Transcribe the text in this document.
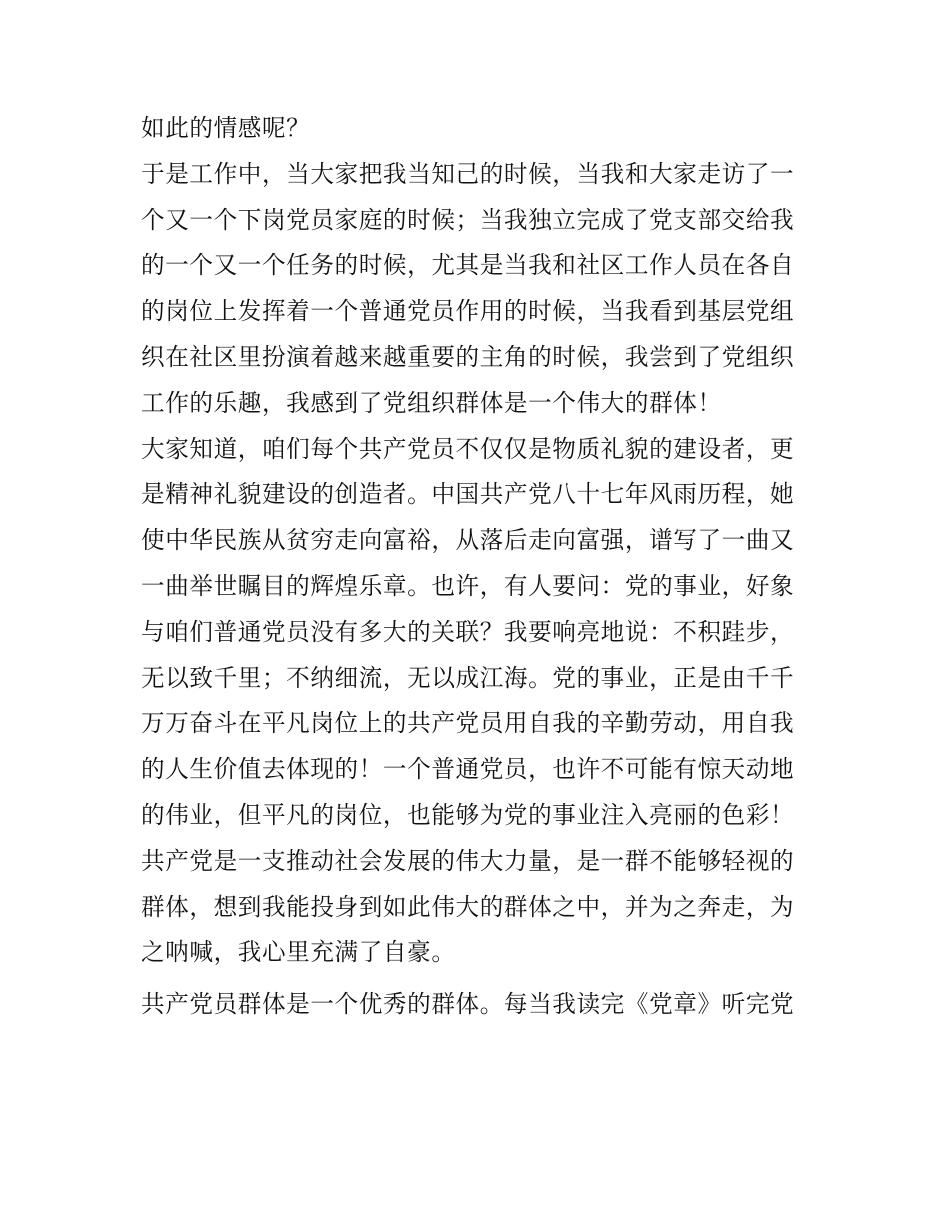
如此的情感呢？
于是工作中，当大家把我当知己的时候，当我和大家走访了一
个又一个下岗党员家庭的时候；当我独立完成了党支部交给我
的一个又一个任务的时候，尤其是当我和社区工作人员在各自
的岗位上发挥着一个普通党员作用的时候，当我看到基层党组
织在社区里扮演着越来越重要的主角的时候，我尝到了党组织
工作的乐趣，我感到了党组织群体是一个伟大的群体！
大家知道，咱们每个共产党员不仅仅是物质礼貌的建设者，更
是精神礼貌建设的创造者。中国共产党八十七年风雨历程，她
使中华民族从贫穷走向富裕，从落后走向富强，谱写了一曲又
一曲举世瞩目的辉煌乐章。也许，有人要问：党的事业，好象
与咱们普通党员没有多大的关联？我要响亮地说：不积跬步，
无以致千里；不纳细流，无以成江海。党的事业，正是由千千
万万奋斗在平凡岗位上的共产党员用自我的辛勤劳动，用自我
的人生价值去体现的！一个普通党员，也许不可能有惊天动地
的伟业，但平凡的岗位，也能够为党的事业注入亮丽的色彩！
共产党是一支推动社会发展的伟大力量，是一群不能够轻视的
群体，想到我能投身到如此伟大的群体之中，并为之奔走，为
之呐喊，我心里充满了自豪。
共产党员群体是一个优秀的群体。每当我读完《党章》听完党
